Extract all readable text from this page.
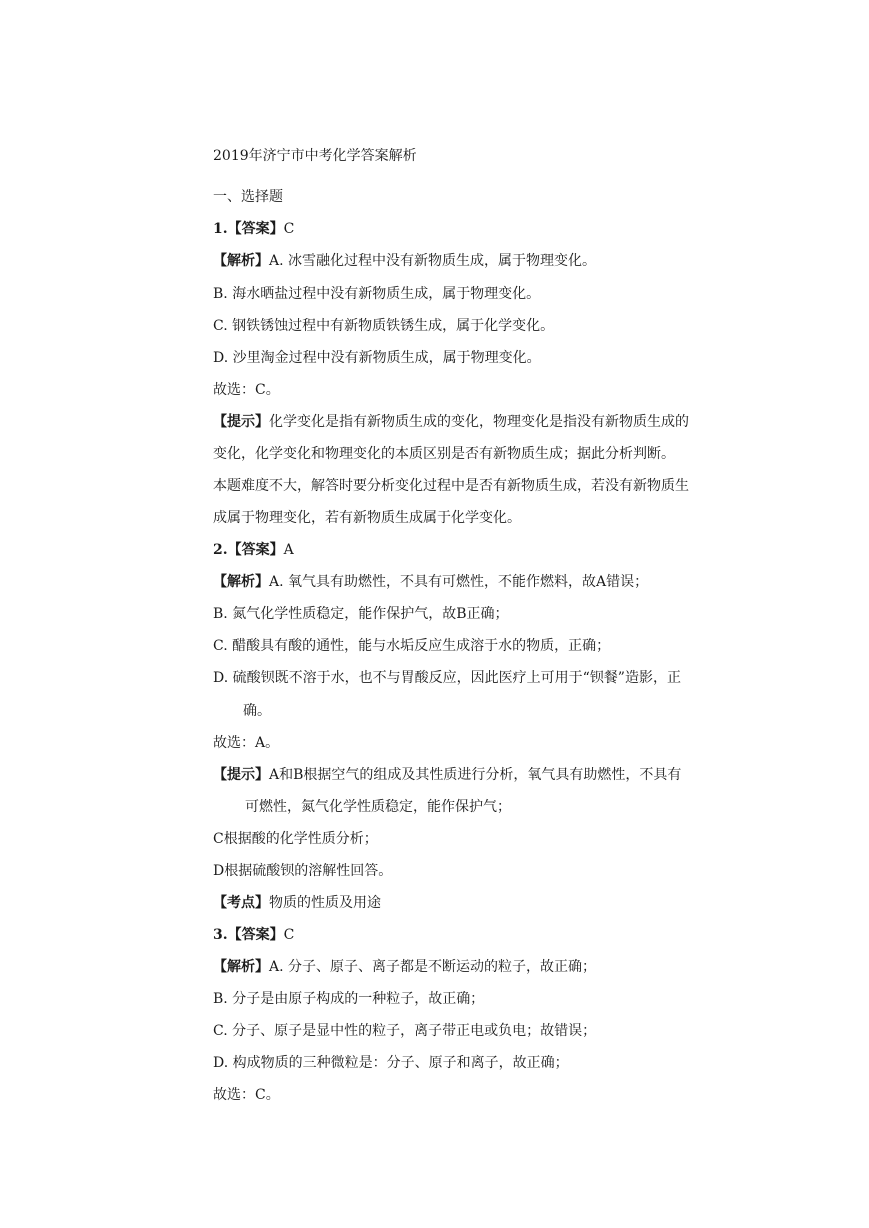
2019年济宁市中考化学答案解析
一、选择题
1.【答案】C
【解析】A. 冰雪融化过程中没有新物质生成，属于物理变化。
B. 海水晒盐过程中没有新物质生成，属于物理变化。
C. 钢铁锈蚀过程中有新物质铁锈生成，属于化学变化。
D. 沙里淘金过程中没有新物质生成，属于物理变化。
故选：C。
【提示】化学变化是指有新物质生成的变化，物理变化是指没有新物质生成的
变化，化学变化和物理变化的本质区别是否有新物质生成；据此分析判断。
本题难度不大，解答时要分析变化过程中是否有新物质生成，若没有新物质生
成属于物理变化，若有新物质生成属于化学变化。
2.【答案】A
【解析】A. 氧气具有助燃性，不具有可燃性，不能作燃料，故A错误；
B. 氮气化学性质稳定，能作保护气，故B正确；
C. 醋酸具有酸的通性，能与水垢反应生成溶于水的物质，正确；
D. 硫酸钡既不溶于水，也不与胃酸反应，因此医疗上可用于“钡餐”造影，正
确。
故选：A。
【提示】A和B根据空气的组成及其性质进行分析，氧气具有助燃性，不具有
可燃性，氮气化学性质稳定，能作保护气；
C根据酸的化学性质分析；
D根据硫酸钡的溶解性回答。
【考点】物质的性质及用途
3.【答案】C
【解析】A. 分子、原子、离子都是不断运动的粒子，故正确；
B. 分子是由原子构成的一种粒子，故正确；
C. 分子、原子是显中性的粒子，离子带正电或负电；故错误；
D. 构成物质的三种微粒是：分子、原子和离子，故正确；
故选：C。
